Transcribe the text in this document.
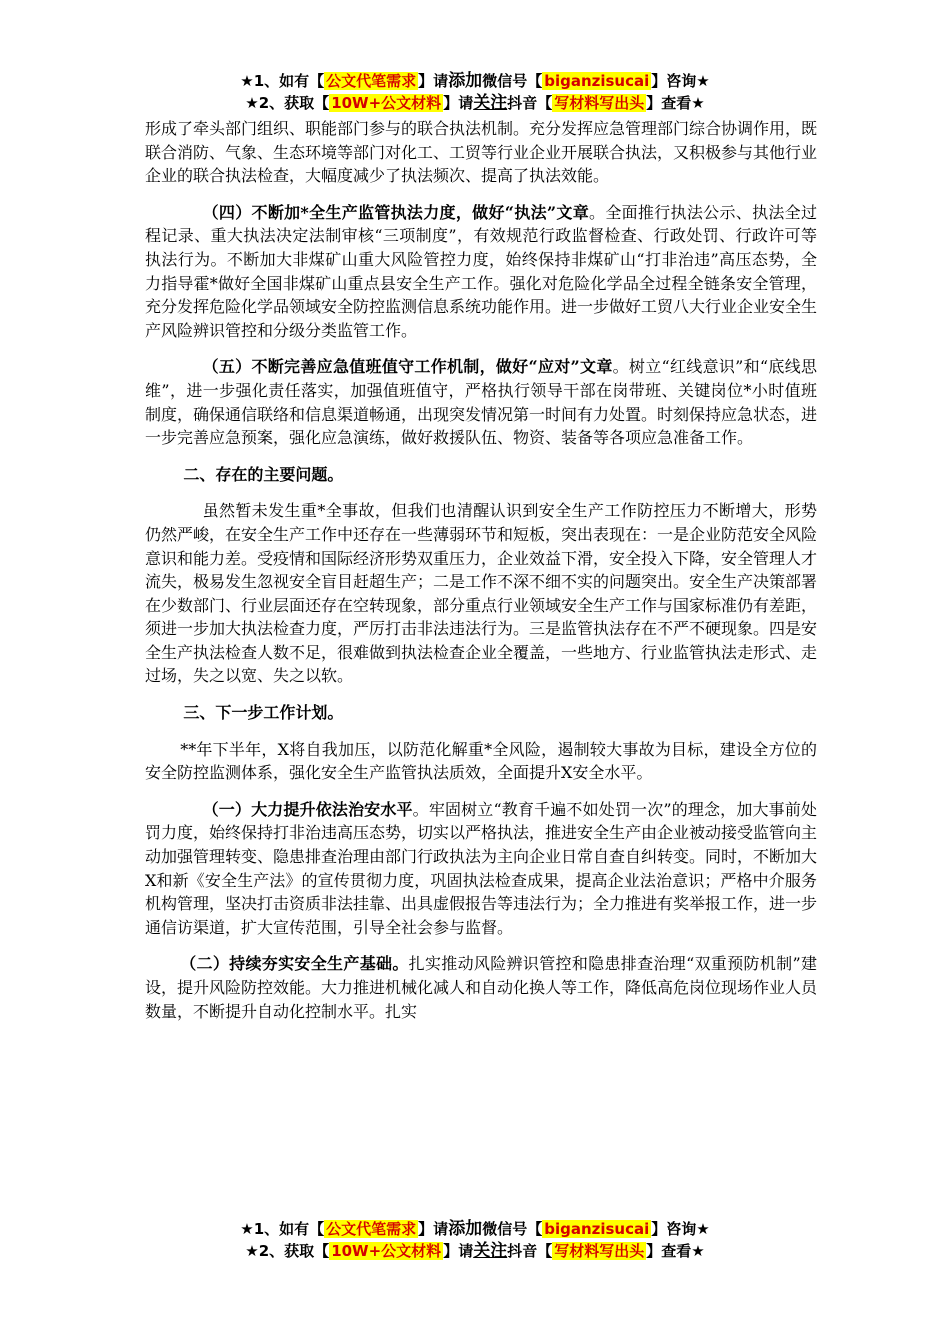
★1、如有【 公文代笔需求 】请添加微信号【 biganzisucai 】咨询★
★2、获取【 10W+公文材料 】请关注抖音【 写材料写出头 】查看★

形成了牵头部门组织、职能部门参与的联合执法机制。充分发挥应急管理部门综合协调作用，既联合消防、气象、生态环境等部门对化工、工贸等行业企业开展联合执法，又积极参与其他行业企业的联合执法检查，大幅度减少了执法频次、提高了执法效能。

（四）不断加*全生产监管执法力度，做好“执法”文章。全面推行执法公示、执法全过程记录、重大执法决定法制审核“三项制度”，有效规范行政监督检查、行政处罚、行政许可等执法行为。不断加大非煤矿山重大风险管控力度，始终保持非煤矿山“打非治违”高压态势，全力指导霍*做好全国非煤矿山重点县安全生产工作。强化对危险化学品全过程全链条安全管理，充分发挥危险化学品领域安全防控监测信息系统功能作用。进一步做好工贸八大行业企业安全生产风险辨识管控和分级分类监管工作。

（五）不断完善应急值班值守工作机制，做好“应对”文章。树立“红线意识”和“底线思维”，进一步强化责任落实，加强值班值守，严格执行领导干部在岗带班、关键岗位*小时值班制度，确保通信联络和信息渠道畅通，出现突发情况第一时间有力处置。时刻保持应急状态，进一步完善应急预案，强化应急演练，做好救援队伍、物资、装备等各项应急准备工作。

二、存在的主要问题。

虽然暂未发生重*全事故，但我们也清醒认识到安全生产工作防控压力不断增大，形势仍然严峻，在安全生产工作中还存在一些薄弱环节和短板，突出表现在：一是企业防范安全风险意识和能力差。受疫情和国际经济形势双重压力，企业效益下滑，安全投入下降，安全管理人才流失，极易发生忽视安全盲目赶超生产；二是工作不深不细不实的问题突出。安全生产决策部署在少数部门、行业层面还存在空转现象，部分重点行业领域安全生产工作与国家标准仍有差距，须进一步加大执法检查力度，严厉打击非法违法行为。三是监管执法存在不严不硬现象。四是安全生产执法检查人数不足，很难做到执法检查企业全覆盖，一些地方、行业监管执法走形式、走过场，失之以宽、失之以软。

三、下一步工作计划。

**年下半年，X将自我加压，以防范化解重*全风险，遏制较大事故为目标，建设全方位的安全防控监测体系，强化安全生产监管执法质效，全面提升X安全水平。

（一）大力提升依法治安水平。牢固树立“教育千遍不如处罚一次”的理念，加大事前处罚力度，始终保持打非治违高压态势，切实以严格执法，推进安全生产由企业被动接受监管向主动加强管理转变、隐患排查治理由部门行政执法为主向企业日常自查自纠转变。同时，不断加大X和新《安全生产法》的宣传贯彻力度，巩固执法检查成果，提高企业法治意识；严格中介服务机构管理，坚决打击资质非法挂靠、出具虚假报告等违法行为；全力推进有奖举报工作，进一步通信访渠道，扩大宣传范围，引导全社会参与监督。

（二）持续夯实安全生产基础。扎实推动风险辨识管控和隐患排查治理“双重预防机制”建设，提升风险防控效能。大力推进机械化减人和自动化换人等工作，降低高危岗位现场作业人员数量，不断提升自动化控制水平。扎实

★1、如有【 公文代笔需求 】请添加微信号【 biganzisucai 】咨询★
★2、获取【 10W+公文材料 】请关注抖音【 写材料写出头 】查看★
